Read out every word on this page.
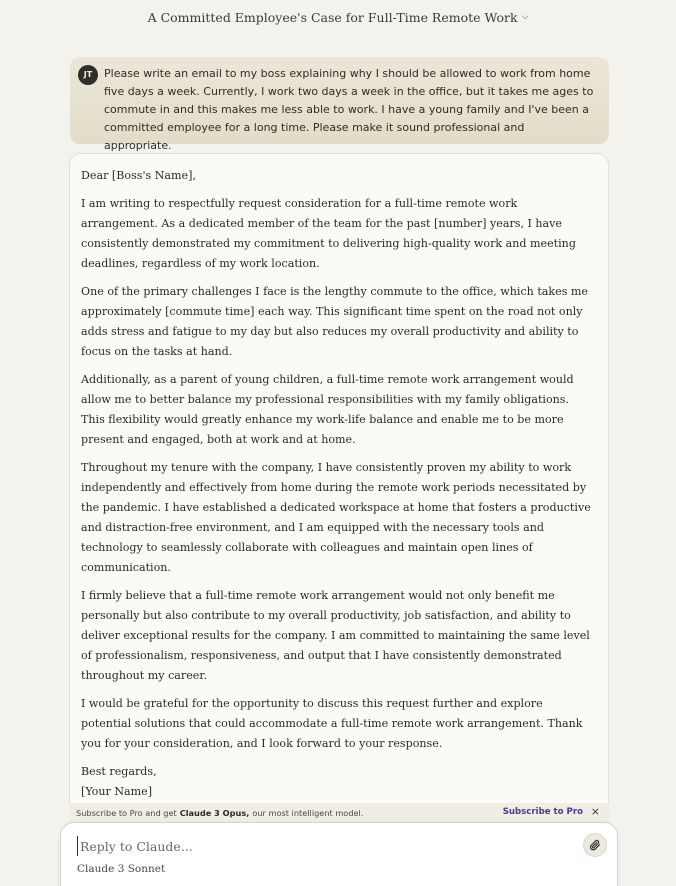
A Committed Employee's Case for Full-Time Remote Work ⌵
JT	Please write an email to my boss explaining why I should be allowed to work from home five days a week. Currently, I work two days a week in the office, but it takes me ages to commute in and this makes me less able to work. I have a young family and I've been a committed employee for a long time. Please make it sound professional and appropriate.

Dear [Boss's Name],

I am writing to respectfully request consideration for a full-time remote work arrangement. As a dedicated member of the team for the past [number] years, I have consistently demonstrated my commitment to delivering high-quality work and meeting deadlines, regardless of my work location.

One of the primary challenges I face is the lengthy commute to the office, which takes me approximately [commute time] each way. This significant time spent on the road not only adds stress and fatigue to my day but also reduces my overall productivity and ability to focus on the tasks at hand.

Additionally, as a parent of young children, a full-time remote work arrangement would allow me to better balance my professional responsibilities with my family obligations. This flexibility would greatly enhance my work-life balance and enable me to be more present and engaged, both at work and at home.

Throughout my tenure with the company, I have consistently proven my ability to work independently and effectively from home during the remote work periods necessitated by the pandemic. I have established a dedicated workspace at home that fosters a productive and distraction-free environment, and I am equipped with the necessary tools and technology to seamlessly collaborate with colleagues and maintain open lines of communication.

I firmly believe that a full-time remote work arrangement would not only benefit me personally but also contribute to my overall productivity, job satisfaction, and ability to deliver exceptional results for the company. I am committed to maintaining the same level of professionalism, responsiveness, and output that I have consistently demonstrated throughout my career.

I would be grateful for the opportunity to discuss this request further and explore potential solutions that could accommodate a full-time remote work arrangement. Thank you for your consideration, and I look forward to your response.

Best regards,
[Your Name]
Subscribe to Pro and get Claude 3 Opus, our most intelligent model.	Subscribe to Pro ×
Reply to Claude...
Claude 3 Sonnet
